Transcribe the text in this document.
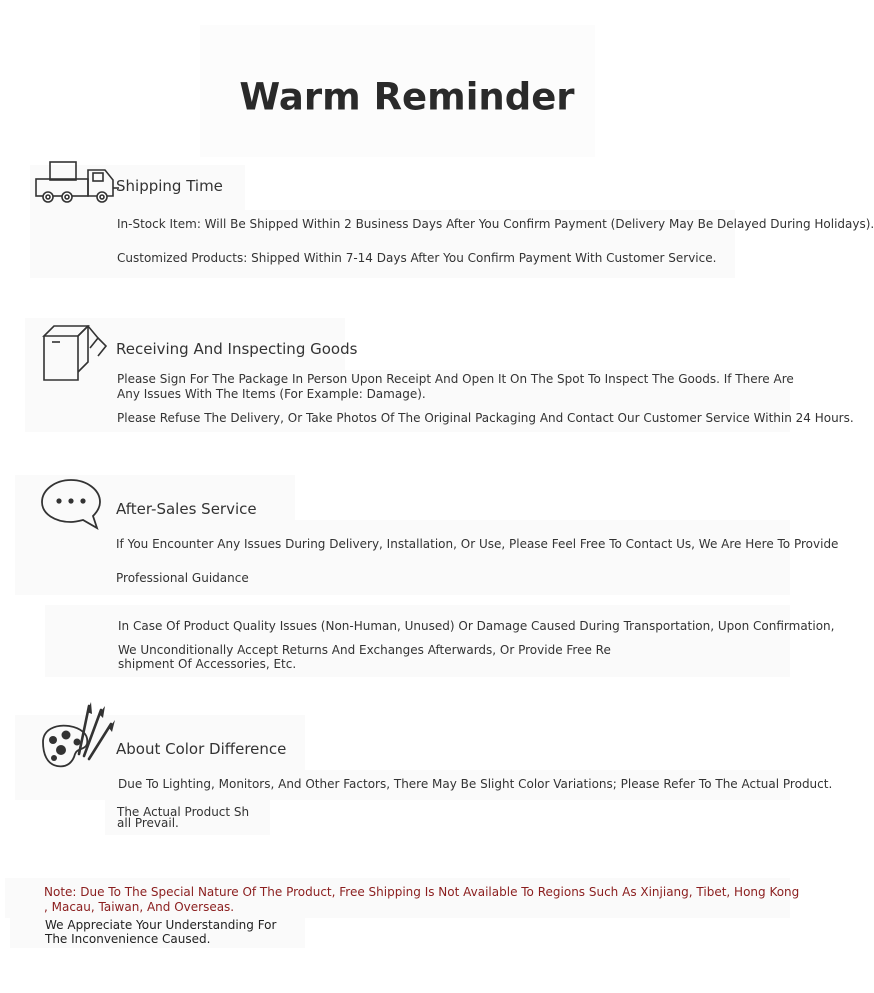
Warm Reminder
Shipping Time
In-Stock Item: Will Be Shipped Within 2 Business Days After You Confirm Payment (Delivery May Be Delayed During Holidays).
Customized Products: Shipped Within 7-14 Days After You Confirm Payment With Customer Service.
Receiving And Inspecting Goods
Please Sign For The Package In Person Upon Receipt And Open It On The Spot To Inspect The Goods. If There Are
Any Issues With The Items (For Example: Damage).
Please Refuse The Delivery, Or Take Photos Of The Original Packaging And Contact Our Customer Service Within 24 Hours.
After-Sales Service
If You Encounter Any Issues During Delivery, Installation, Or Use, Please Feel Free To Contact Us, We Are Here To Provide
Professional Guidance
In Case Of Product Quality Issues (Non-Human, Unused) Or Damage Caused During Transportation, Upon Confirmation,
We Unconditionally Accept Returns And Exchanges Afterwards, Or Provide Free Re
shipment Of Accessories, Etc.
About Color Difference
Due To Lighting, Monitors, And Other Factors, There May Be Slight Color Variations; Please Refer To The Actual Product.
The Actual Product Sh
all Prevail.
Note: Due To The Special Nature Of The Product, Free Shipping Is Not Available To Regions Such As Xinjiang, Tibet, Hong Kong
, Macau, Taiwan, And Overseas.
We Appreciate Your Understanding For
The Inconvenience Caused.
